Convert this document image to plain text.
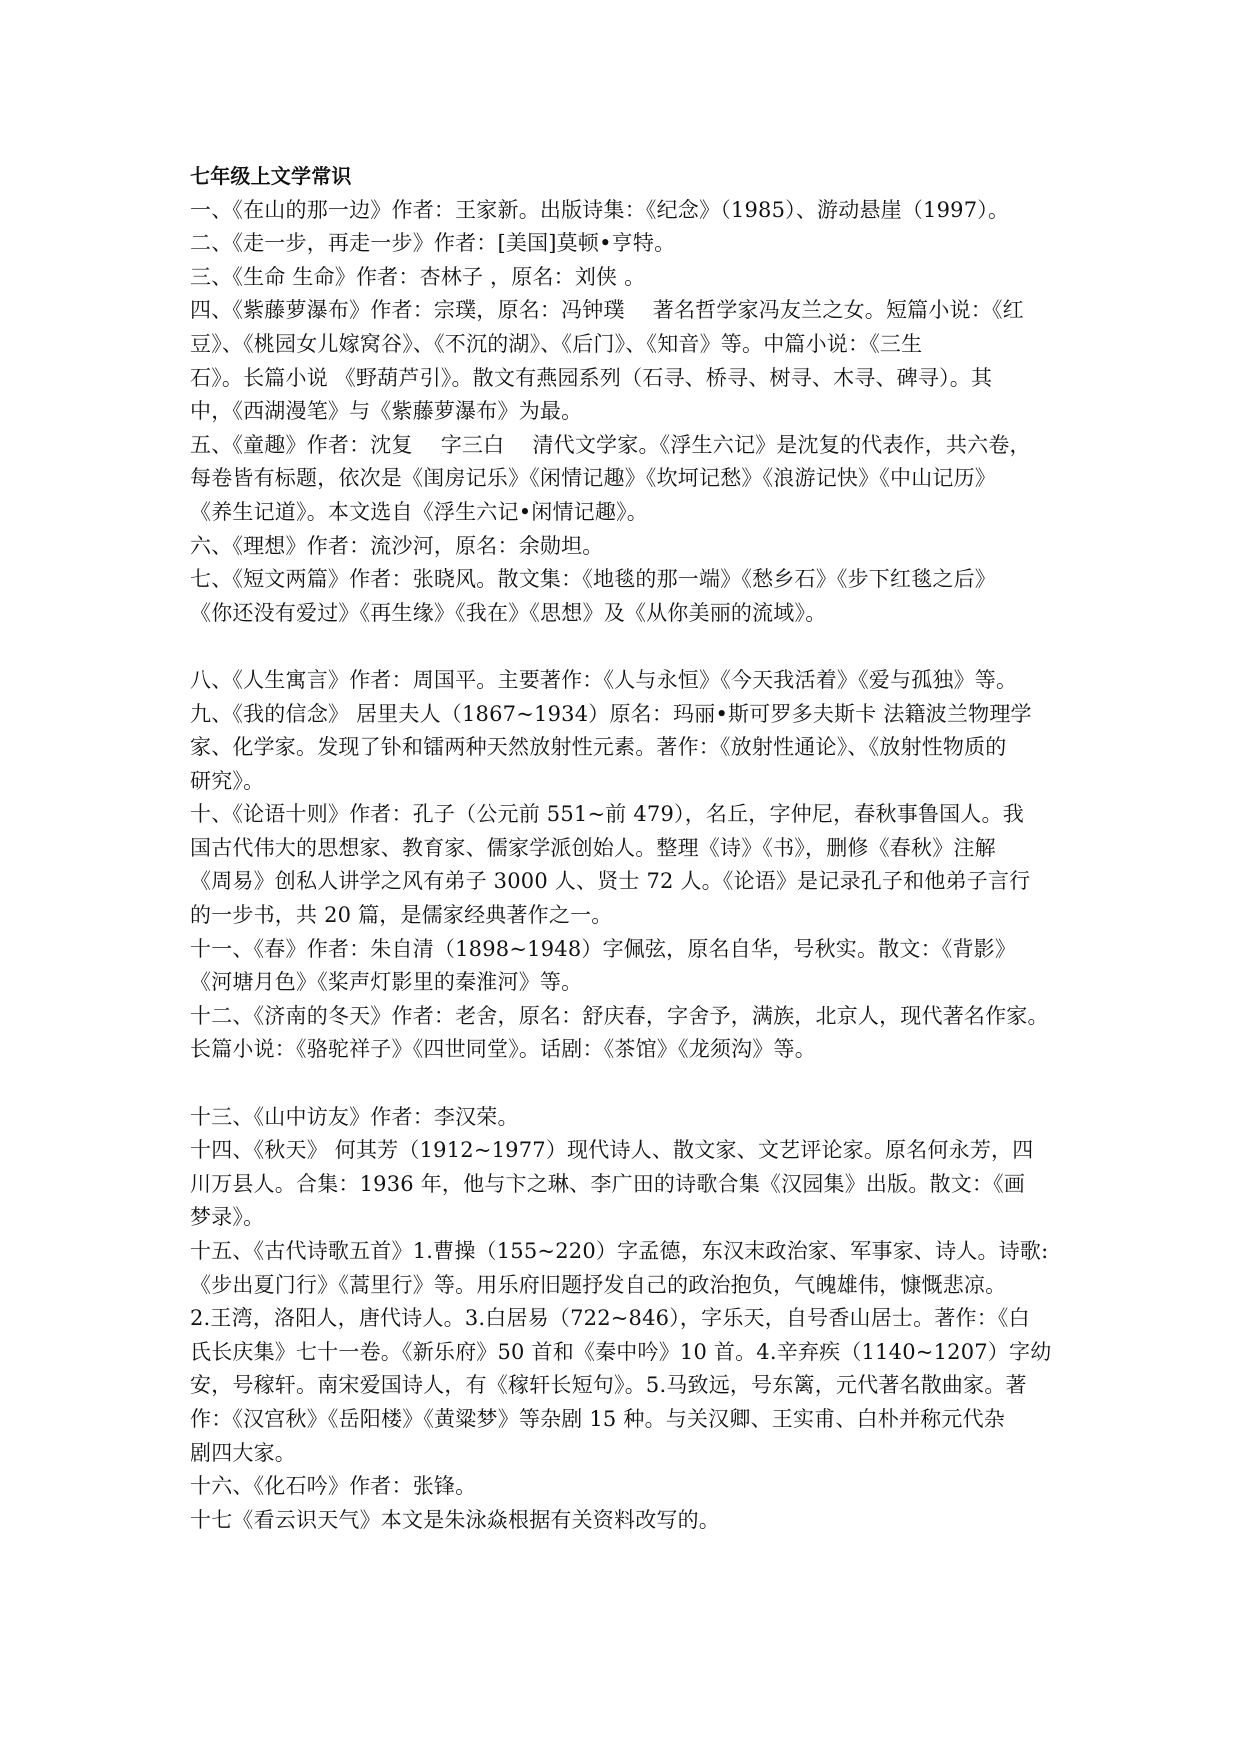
七年级上文学常识
一、《在山的那一边》作者：王家新。出版诗集：《纪念》（1985）、游动悬崖（1997）。
二、《走一步，再走一步》作者：[美国]莫顿•亨特。
三、《生命 生命》作者：杏林子 ，原名：刘侠 。
四、《紫藤萝瀑布》作者：宗璞，原名：冯钟璞　 著名哲学家冯友兰之女。短篇小说：《红
豆》、《桃园女儿嫁窝谷》、《不沉的湖》、《后门》、《知音》等。中篇小说：《三生
石》。长篇小说 《野葫芦引》。散文有燕园系列（石寻、桥寻、树寻、木寻、碑寻）。其
中，《西湖漫笔》与《紫藤萝瀑布》为最。
五、《童趣》作者：沈复　 字三白　 清代文学家。《浮生六记》是沈复的代表作，共六卷，
每卷皆有标题，依次是《闺房记乐》《闲情记趣》《坎坷记愁》《浪游记快》《中山记历》
《养生记道》。本文选自《浮生六记•闲情记趣》。
六、《理想》作者：流沙河，原名：余勋坦。
七、《短文两篇》作者：张晓风。散文集：《地毯的那一端》《愁乡石》《步下红毯之后》
《你还没有爱过》《再生缘》《我在》《思想》及《从你美丽的流域》。
八、《人生寓言》作者：周国平。主要著作：《人与永恒》《今天我活着》《爱与孤独》等。
九、《我的信念》 居里夫人（1867~1934）原名：玛丽•斯可罗多夫斯卡 法籍波兰物理学
家、化学家。发现了钋和镭两种天然放射性元素。著作：《放射性通论》、《放射性物质的
研究》。
十、《论语十则》作者：孔子（公元前 551~前 479），名丘，字仲尼，春秋事鲁国人。我
国古代伟大的思想家、教育家、儒家学派创始人。整理《诗》《书》，删修《春秋》注解
《周易》创私人讲学之风有弟子 3000 人、贤士 72 人。《论语》是记录孔子和他弟子言行
的一步书，共 20 篇，是儒家经典著作之一。
十一、《春》作者：朱自清（1898~1948）字佩弦，原名自华，号秋实。散文：《背影》
《河塘月色》《桨声灯影里的秦淮河》等。
十二、《济南的冬天》作者：老舍，原名：舒庆春，字舍予，满族，北京人，现代著名作家。
长篇小说：《骆驼祥子》《四世同堂》。话剧：《茶馆》《龙须沟》等。
十三、《山中访友》作者：李汉荣。
十四、《秋天》 何其芳（1912~1977）现代诗人、散文家、文艺评论家。原名何永芳，四
川万县人。合集：1936 年，他与卞之琳、李广田的诗歌合集《汉园集》出版。散文：《画
梦录》。
十五、《古代诗歌五首》1.曹操（155~220）字孟德，东汉末政治家、军事家、诗人。诗歌:
《步出夏门行》《蒿里行》等。用乐府旧题抒发自己的政治抱负，气魄雄伟，慷慨悲凉。
2.王湾，洛阳人，唐代诗人。3.白居易（722~846），字乐天，自号香山居士。著作：《白
氏长庆集》七十一卷。《新乐府》50 首和《秦中吟》10 首。4.辛弃疾（1140~1207）字幼
安，号稼轩。南宋爱国诗人，有《稼轩长短句》。5.马致远，号东篱，元代著名散曲家。著
作：《汉宫秋》《岳阳楼》《黄粱梦》等杂剧 15 种。与关汉卿、王实甫、白朴并称元代杂
剧四大家。
十六、《化石吟》作者：张锋。
十七《看云识天气》本文是朱泳焱根据有关资料改写的。
